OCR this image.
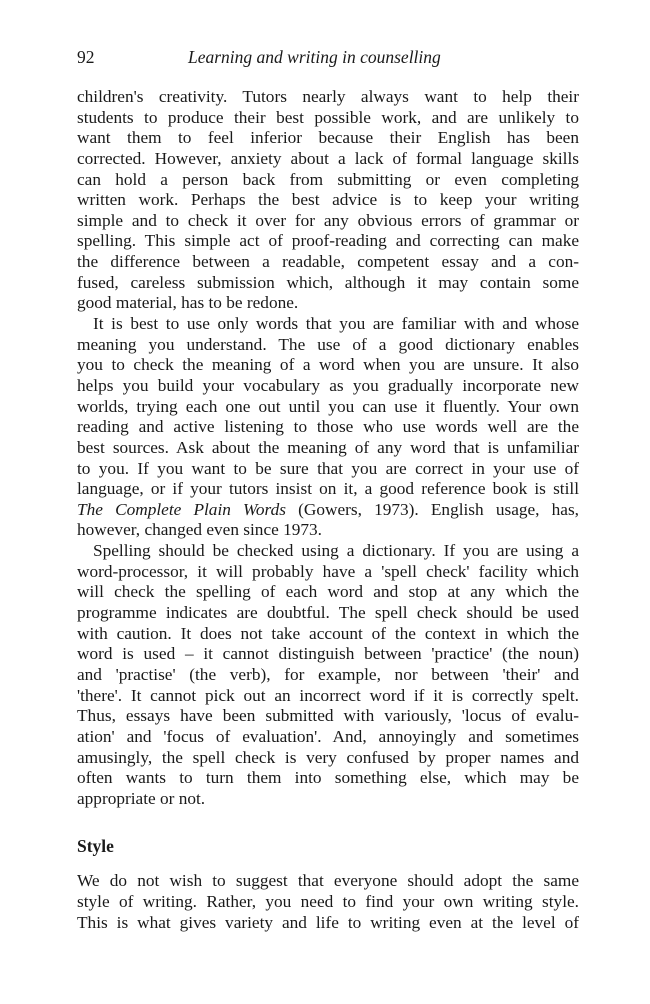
92	Learning and writing in counselling
children's creativity. Tutors nearly always want to help their
students to produce their best possible work, and are unlikely to
want them to feel inferior because their English has been
corrected. However, anxiety about a lack of formal language skills
can hold a person back from submitting or even completing
written work. Perhaps the best advice is to keep your writing
simple and to check it over for any obvious errors of grammar or
spelling. This simple act of proof-reading and correcting can make
the difference between a readable, competent essay and a con-
fused, careless submission which, although it may contain some
good material, has to be redone.
It is best to use only words that you are familiar with and whose
meaning you understand. The use of a good dictionary enables
you to check the meaning of a word when you are unsure. It also
helps you build your vocabulary as you gradually incorporate new
worlds, trying each one out until you can use it fluently. Your own
reading and active listening to those who use words well are the
best sources. Ask about the meaning of any word that is unfamiliar
to you. If you want to be sure that you are correct in your use of
language, or if your tutors insist on it, a good reference book is still
The Complete Plain Words (Gowers, 1973). English usage, has,
however, changed even since 1973.
Spelling should be checked using a dictionary. If you are using a
word-processor, it will probably have a 'spell check' facility which
will check the spelling of each word and stop at any which the
programme indicates are doubtful. The spell check should be used
with caution. It does not take account of the context in which the
word is used – it cannot distinguish between 'practice' (the noun)
and 'practise' (the verb), for example, nor between 'their' and
'there'. It cannot pick out an incorrect word if it is correctly spelt.
Thus, essays have been submitted with variously, 'locus of evalu-
ation' and 'focus of evaluation'. And, annoyingly and sometimes
amusingly, the spell check is very confused by proper names and
often wants to turn them into something else, which may be
appropriate or not.
Style
We do not wish to suggest that everyone should adopt the same
style of writing. Rather, you need to find your own writing style.
This is what gives variety and life to writing even at the level of
